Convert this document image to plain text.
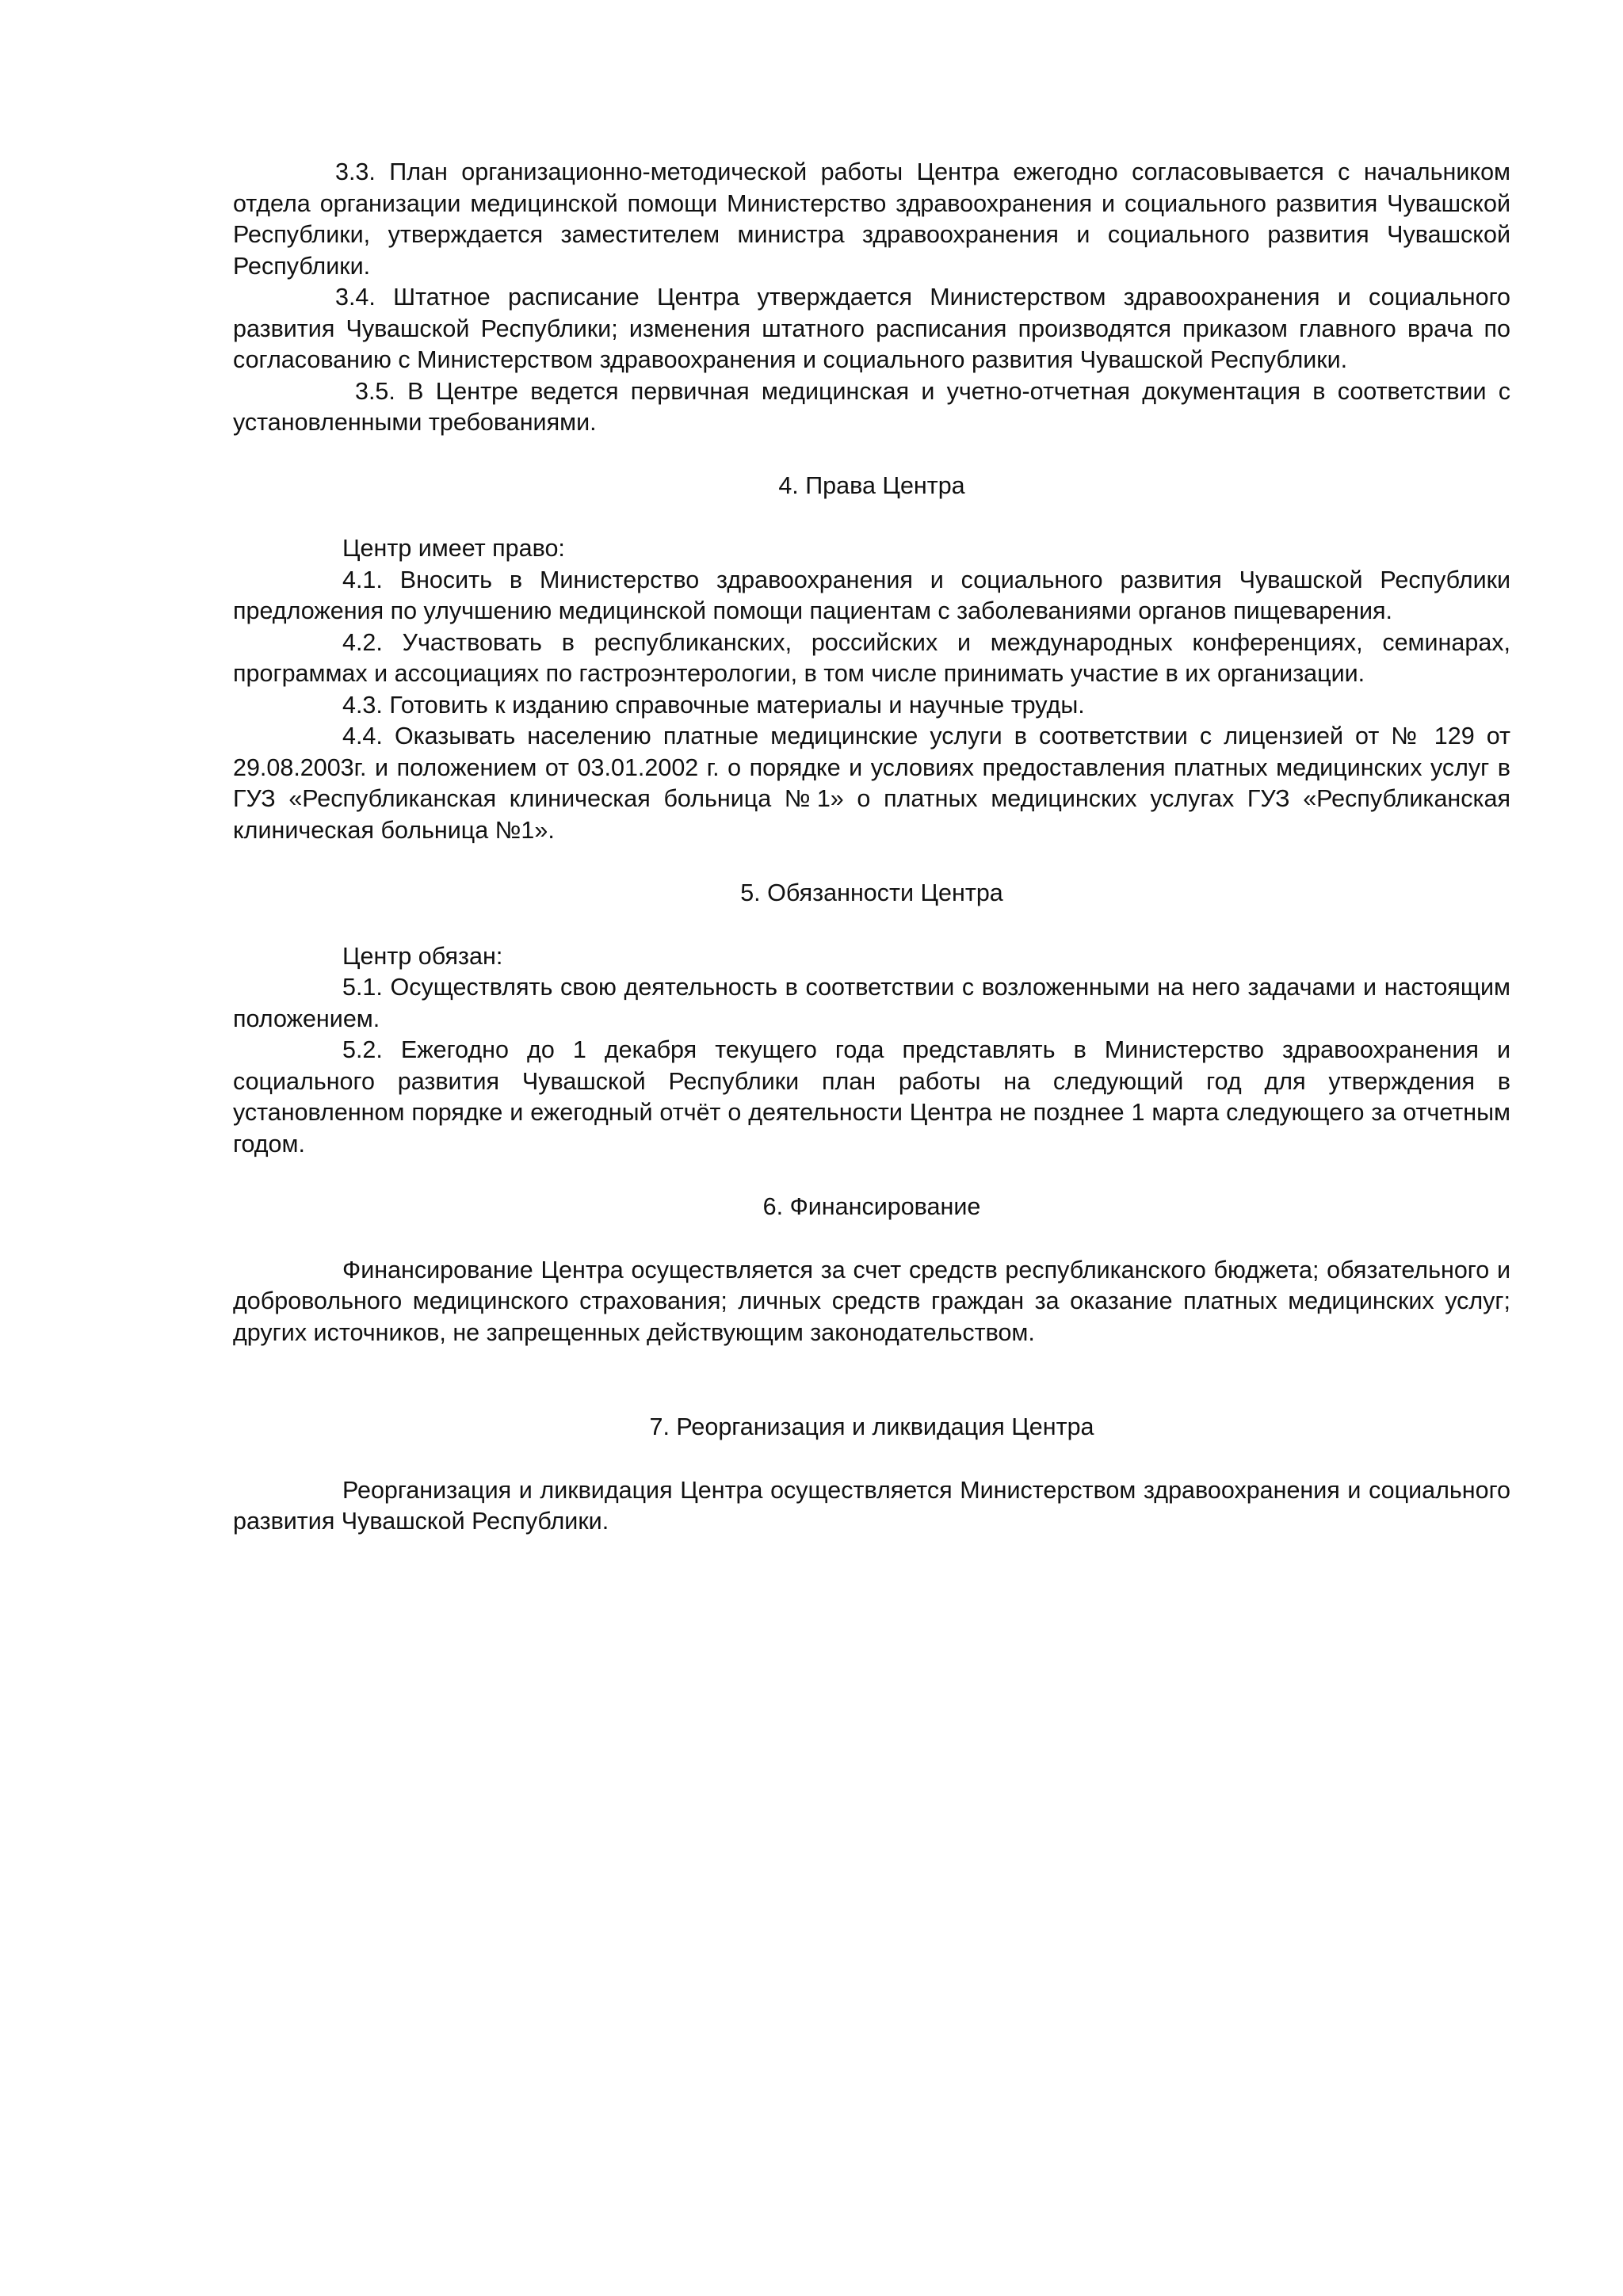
3.3. План организационно-методической работы Центра ежегодно согласовывается с начальником отдела организации медицинской помощи Министерство здравоохранения и социального развития Чувашской Республики, утверждается заместителем министра здравоохранения и социального развития Чувашской Республики.

3.4. Штатное расписание Центра утверждается Министерством здравоохранения и социального развития Чувашской Республики; изменения штатного расписания производятся приказом главного врача по согласованию с Министерством здравоохранения и социального развития Чувашской Республики.

3.5. В Центре ведется первичная медицинская и учетно-отчетная документация в соответствии с установленными требованиями.

4. Права Центра

Центр имеет право:

4.1. Вносить в Министерство здравоохранения и социального развития Чувашской Республики предложения по улучшению медицинской помощи пациентам с заболеваниями органов пищеварения.

4.2. Участвовать в республиканских, российских и международных конференциях, семинарах, программах и ассоциациях по гастроэнтерологии, в том числе принимать участие в их организации.

4.3. Готовить к изданию справочные материалы и научные труды.

4.4. Оказывать населению платные медицинские услуги в соответствии с лицензией от № 129 от 29.08.2003г. и положением от 03.01.2002 г. о порядке и условиях предоставления платных медицинских услуг в ГУЗ «Республиканская клиническая больница №1» о платных медицинских услугах ГУЗ «Республиканская клиническая больница №1».

5. Обязанности Центра

Центр обязан:

5.1. Осуществлять свою деятельность в соответствии с возложенными на него задачами и настоящим положением.

5.2. Ежегодно до 1 декабря текущего года представлять в Министерство здравоохранения и социального развития Чувашской Республики план работы на следующий год для утверждения в установленном порядке и ежегодный отчёт о деятельности Центра не позднее 1 марта следующего за отчетным годом.

6. Финансирование

Финансирование Центра осуществляется за счет средств республиканского бюджета; обязательного и добровольного медицинского страхования; личных средств граждан за оказание платных медицинских услуг; других источников, не запрещенных действующим законодательством.

7. Реорганизация и ликвидация Центра

Реорганизация и ликвидация Центра осуществляется Министерством здравоохранения и социального развития Чувашской Республики.
